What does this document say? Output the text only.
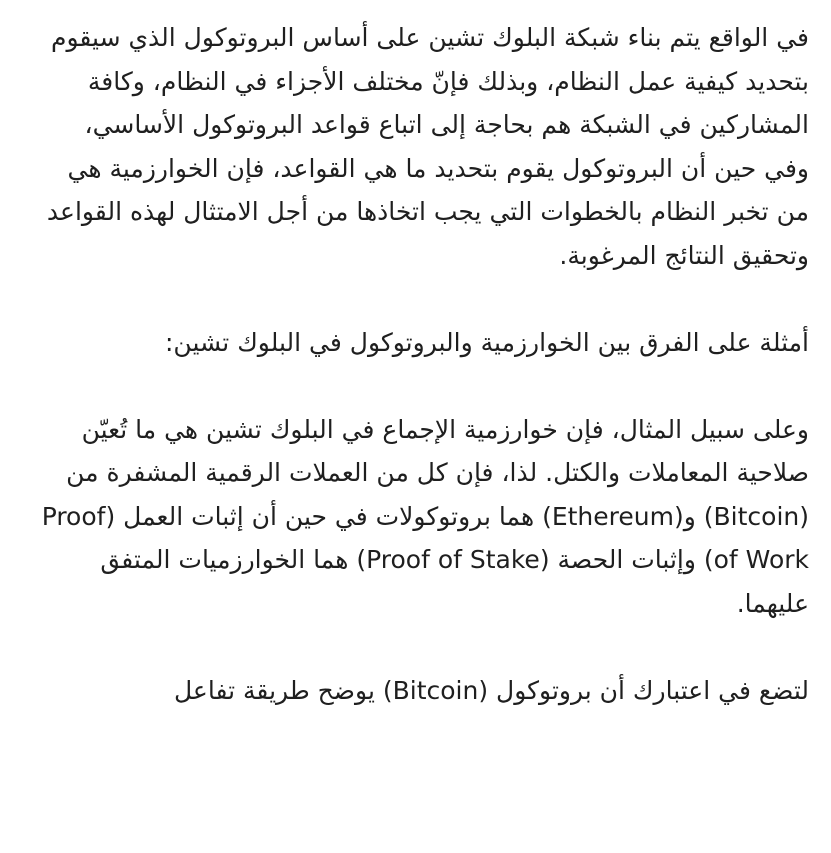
في الواقع يتم بناء شبكة البلوك تشين على أساس البروتوكول الذي سيقوم بتحديد كيفية عمل النظام، وبذلك فإنّ مختلف الأجزاء في النظام، وكافة المشاركين في الشبكة هم بحاجة إلى اتباع قواعد البروتوكول الأساسي، وفي حين أن البروتوكول يقوم بتحديد ما هي القواعد، فإن الخوارزمية هي من تخبر النظام بالخطوات التي يجب اتخاذها من أجل الامتثال لهذه القواعد وتحقيق النتائج المرغوبة.

أمثلة على الفرق بين الخوارزمية والبروتوكول في البلوك تشين:

وعلى سبيل المثال، فإن خوارزمية الإجماع في البلوك تشين هي ما تُعيّن صلاحية المعاملات والكتل. لذا، فإن كل من العملات الرقمية المشفرة من (Bitcoin) و(Ethereum) هما بروتوكولات في حين أن إثبات العمل (Proof of Work) وإثبات الحصة (Proof of Stake) هما الخوارزميات المتفق عليهما.

لتضع في اعتبارك أن بروتوكول (Bitcoin) يوضح طريقة تفاعل
